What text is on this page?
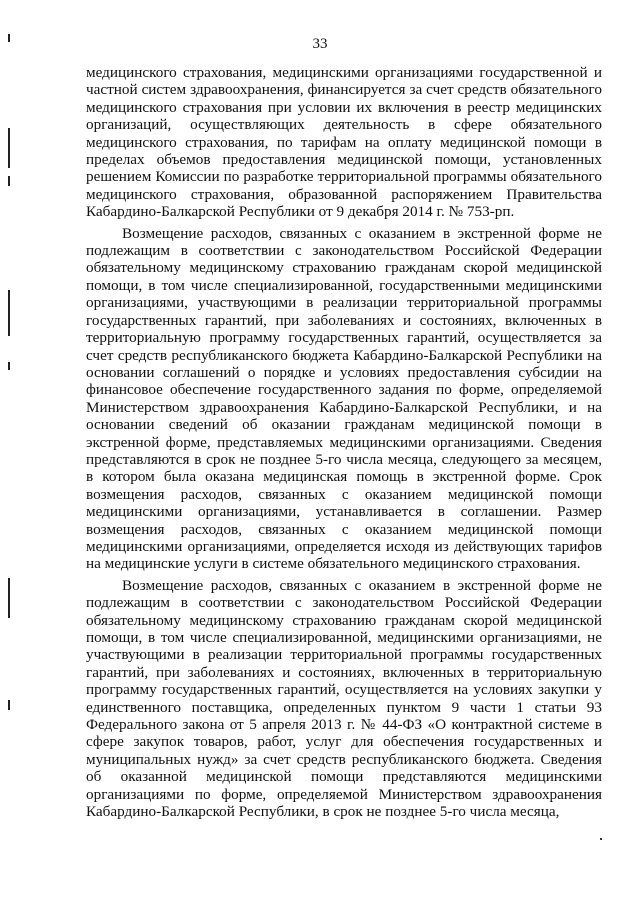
33

медицинского страхования, медицинскими организациями государственной и частной систем здравоохранения, финансируется за счет средств обязательного медицинского страхования при условии их включения в реестр медицинских организаций, осуществляющих деятельность в сфере обязательного медицинского страхования, по тарифам на оплату медицинской помощи в пределах объемов предоставления медицинской помощи, установленных решением Комиссии по разработке территориальной программы обязательного медицинского страхования, образованной распоряжением Правительства Кабардино-Балкарской Республики от 9 декабря 2014 г. № 753-рп.

Возмещение расходов, связанных с оказанием в экстренной форме не подлежащим в соответствии с законодательством Российской Федерации обязательному медицинскому страхованию гражданам скорой медицинской помощи, в том числе специализированной, государственными медицинскими организациями, участвующими в реализации территориальной программы государственных гарантий, при заболеваниях и состояниях, включенных в территориальную программу государственных гарантий, осуществляется за счет средств республиканского бюджета Кабардино-Балкарской Республики на основании соглашений о порядке и условиях предоставления субсидии на финансовое обеспечение государственного задания по форме, определяемой Министерством здравоохранения Кабардино-Балкарской Республики, и на основании сведений об оказании гражданам медицинской помощи в экстренной форме, представляемых медицинскими организациями. Сведения представляются в срок не позднее 5-го числа месяца, следующего за месяцем, в котором была оказана медицинская помощь в экстренной форме. Срок возмещения расходов, связанных с оказанием медицинской помощи медицинскими организациями, устанавливается в соглашении. Размер возмещения расходов, связанных с оказанием медицинской помощи медицинскими организациями, определяется исходя из действующих тарифов на медицинские услуги в системе обязательного медицинского страхования.

Возмещение расходов, связанных с оказанием в экстренной форме не подлежащим в соответствии с законодательством Российской Федерации обязательному медицинскому страхованию гражданам скорой медицинской помощи, в том числе специализированной, медицинскими организациями, не участвующими в реализации территориальной программы государственных гарантий, при заболеваниях и состояниях, включенных в территориальную программу государственных гарантий, осуществляется на условиях закупки у единственного поставщика, определенных пунктом 9 части 1 статьи 93 Федерального закона от 5 апреля 2013 г. № 44-ФЗ «О контрактной системе в сфере закупок товаров, работ, услуг для обеспечения государственных и муниципальных нужд» за счет средств республиканского бюджета. Сведения об оказанной медицинской помощи представляются медицинскими организациями по форме, определяемой Министерством здравоохранения Кабардино-Балкарской Республики, в срок не позднее 5-го числа месяца,
